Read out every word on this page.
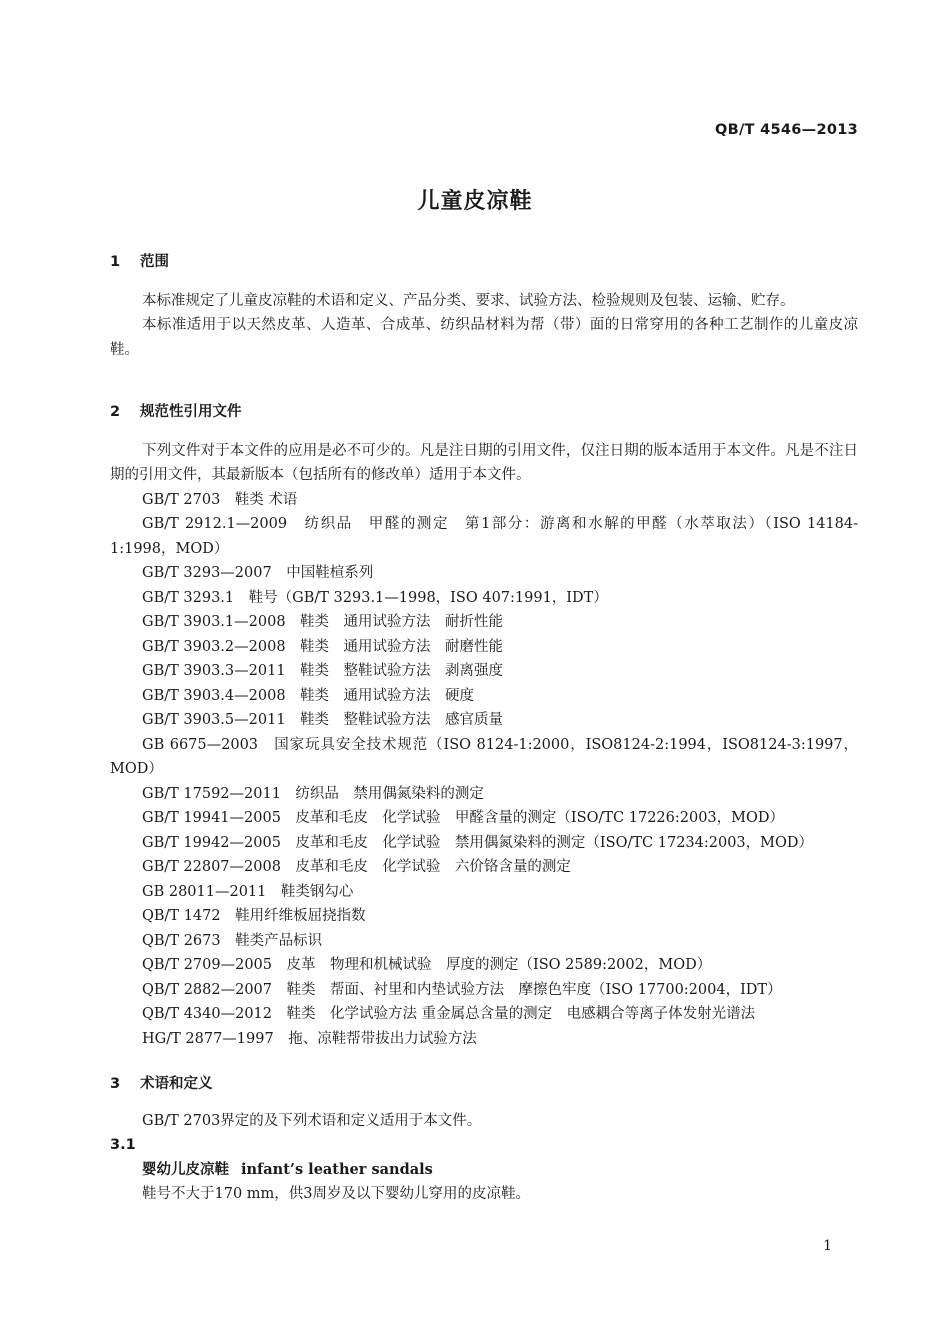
QB/T 4546—2013
儿童皮凉鞋
1 范围

本标准规定了儿童皮凉鞋的术语和定义、产品分类、要求、试验方法、检验规则及包装、运输、贮存。

本标准适用于以天然皮革、人造革、合成革、纺织品材料为帮（带）面的日常穿用的各种工艺制作的儿童皮凉鞋。

2 规范性引用文件

下列文件对于本文件的应用是必不可少的。凡是注日期的引用文件，仅注日期的版本适用于本文件。凡是不注日期的引用文件，其最新版本（包括所有的修改单）适用于本文件。

GB/T 2703　鞋类 术语

GB/T 2912.1—2009　纺织品　甲醛的测定　第1部分：游离和水解的甲醛（水萃取法）（ISO 14184-1:1998，MOD）

GB/T 3293—2007　中国鞋楦系列

GB/T 3293.1　鞋号（GB/T 3293.1—1998，ISO 407:1991，IDT）

GB/T 3903.1—2008　鞋类　通用试验方法　耐折性能

GB/T 3903.2—2008　鞋类　通用试验方法　耐磨性能

GB/T 3903.3—2011　鞋类　整鞋试验方法　剥离强度

GB/T 3903.4—2008　鞋类　通用试验方法　硬度

GB/T 3903.5—2011　鞋类　整鞋试验方法　感官质量

GB 6675—2003　国家玩具安全技术规范（ISO 8124-1:2000，ISO8124-2:1994，ISO8124-3:1997，MOD）

GB/T 17592—2011　纺织品　禁用偶氮染料的测定

GB/T 19941—2005　皮革和毛皮　化学试验　甲醛含量的测定（ISO/TC 17226:2003，MOD）

GB/T 19942—2005　皮革和毛皮　化学试验　禁用偶氮染料的测定（ISO/TC 17234:2003，MOD）

GB/T 22807—2008　皮革和毛皮　化学试验　六价铬含量的测定

GB 28011—2011　鞋类钢勾心

QB/T 1472　鞋用纤维板屈挠指数

QB/T 2673　鞋类产品标识

QB/T 2709—2005　皮革　物理和机械试验　厚度的测定（ISO 2589:2002，MOD）

QB/T 2882—2007　鞋类　帮面、衬里和内垫试验方法　摩擦色牢度（ISO 17700:2004，IDT）

QB/T 4340—2012　鞋类　化学试验方法 重金属总含量的测定　电感耦合等离子体发射光谱法

HG/T 2877—1997　拖、凉鞋帮带拔出力试验方法

3 术语和定义

GB/T 2703界定的及下列术语和定义适用于本文件。

3.1
婴幼儿皮凉鞋 infant’s leather sandals

鞋号不大于170 mm，供3周岁及以下婴幼儿穿用的皮凉鞋。

1
